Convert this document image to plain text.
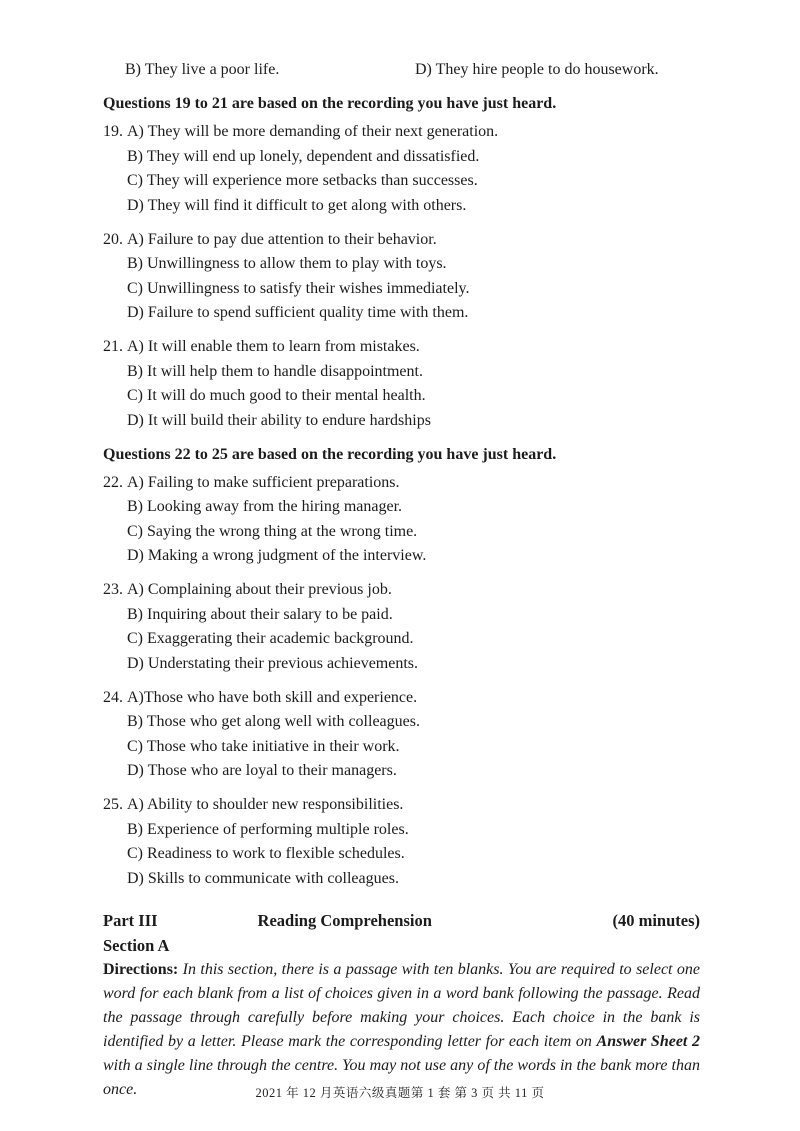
B) They live a poor life.	D) They hire people to do housework.

Questions 19 to 21 are based on the recording you have just heard.

19. A) They will be more demanding of their next generation.

B) They will end up lonely, dependent and dissatisfied.

C) They will experience more setbacks than successes.

D) They will find it difficult to get along with others.

20. A) Failure to pay due attention to their behavior.

B) Unwillingness to allow them to play with toys.

C) Unwillingness to satisfy their wishes immediately.

D) Failure to spend sufficient quality time with them.

21. A) It will enable them to learn from mistakes.

B) It will help them to handle disappointment.

C) It will do much good to their mental health.

D) It will build their ability to endure hardships

Questions 22 to 25 are based on the recording you have just heard.

22. A) Failing to make sufficient preparations.

B) Looking away from the hiring manager.

C) Saying the wrong thing at the wrong time.

D) Making a wrong judgment of the interview.

23. A) Complaining about their previous job.

B) Inquiring about their salary to be paid.

C) Exaggerating their academic background.

D) Understating their previous achievements.

24. A)Those who have both skill and experience.

B) Those who get along well with colleagues.

C) Those who take initiative in their work.

D) Those who are loyal to their managers.

25. A) Ability to shoulder new responsibilities.

B) Experience of performing multiple roles.

C) Readiness to work to flexible schedules.

D) Skills to communicate with colleagues.

Part III	Reading Comprehension	(40 minutes)

Section A

Directions: In this section, there is a passage with ten blanks. You are required to select one word for each blank from a list of choices given in a word bank following the passage. Read the passage through carefully before making your choices. Each choice in the bank is identified by a letter. Please mark the corresponding letter for each item on Answer Sheet 2 with a single line through the centre. You may not use any of the words in the bank more than once.	2021 年 12 月英语六级真题第 1 套 第 3 页 共 11 页
